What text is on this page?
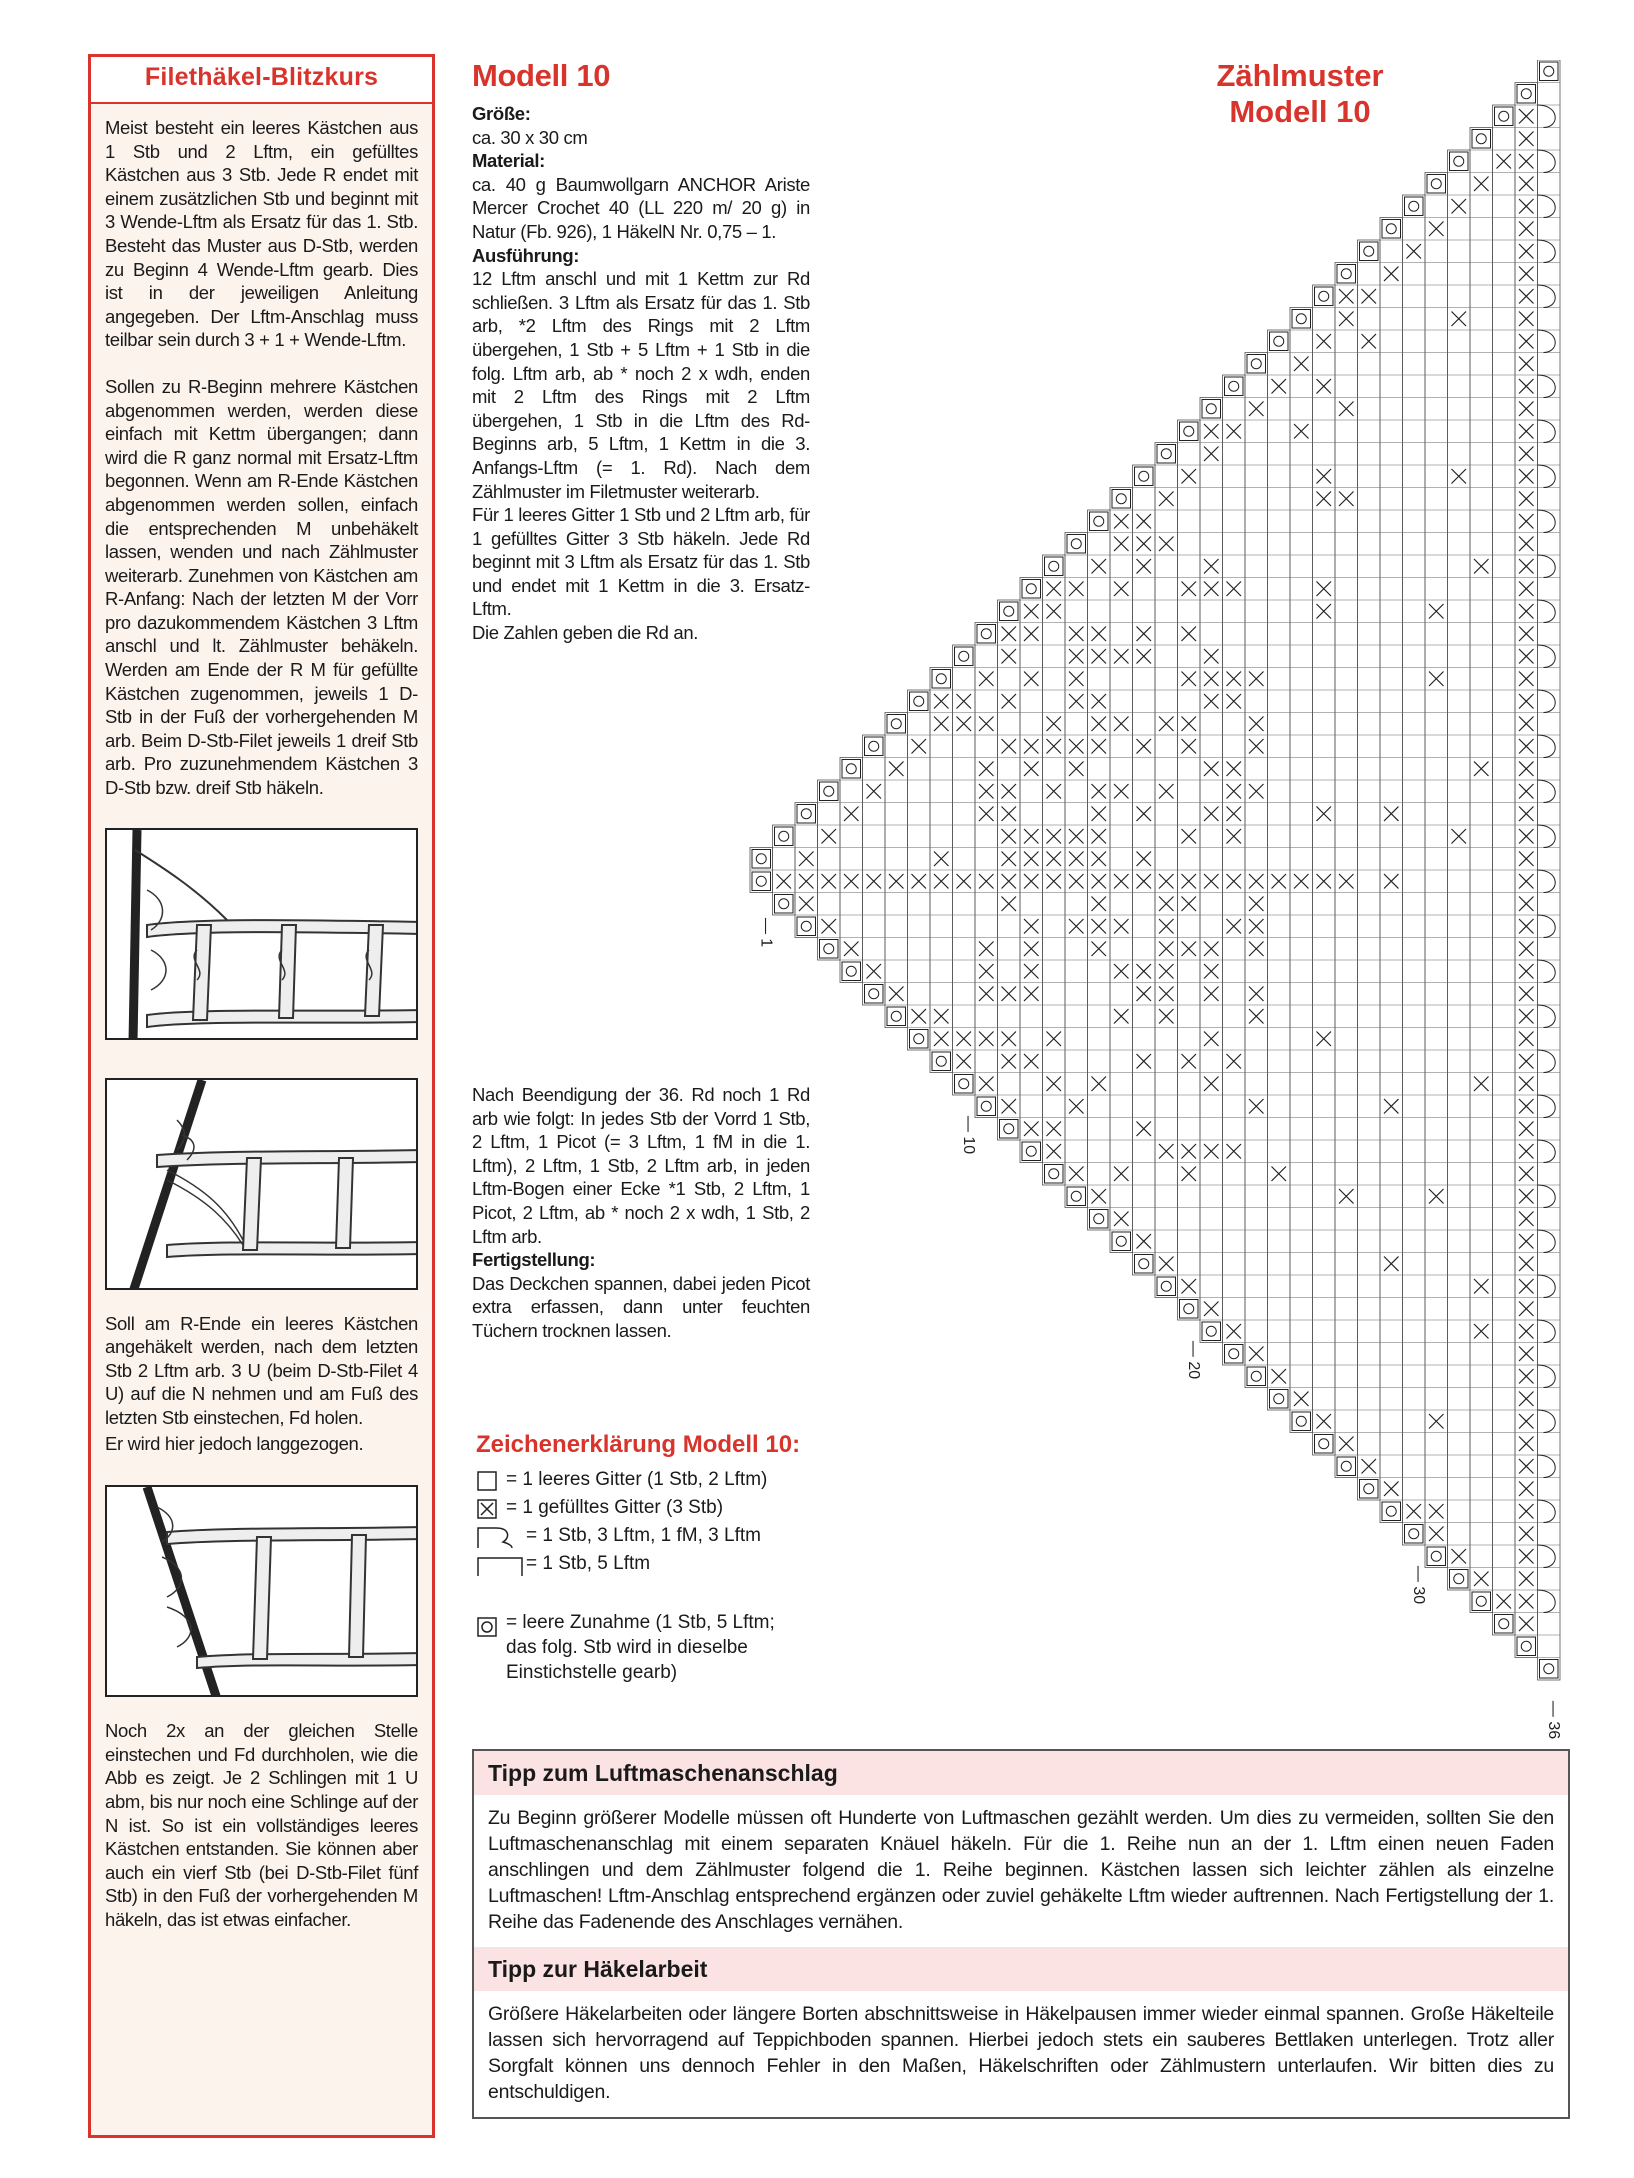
Filethäkel-Blitzkurs
Meist besteht ein leeres Kästchen aus 1 Stb und 2 Lftm, ein gefülltes Kästchen aus 3 Stb. Jede R endet mit einem zusätzlichen Stb und beginnt mit 3 Wende-Lftm als Ersatz für das 1. Stb. Besteht das Muster aus D-Stb, werden zu Beginn 4 Wende-Lftm gearb. Dies ist in der jeweiligen Anleitung angegeben. Der Lftm-Anschlag muss teilbar sein durch 3 + 1 + Wende-Lftm.
Sollen zu R-Beginn mehrere Kästchen abgenommen werden, werden diese einfach mit Kettm übergangen; dann wird die R ganz normal mit Ersatz-Lftm begonnen. Wenn am R-Ende Kästchen abgenommen werden sollen, einfach die entsprechenden M unbehäkelt lassen, wenden und nach Zählmuster weiterarb. Zunehmen von Kästchen am R-Anfang: Nach der letzten M der Vorr pro dazukommendem Kästchen 3 Lftm anschl und lt. Zählmuster behäkeln. Werden am Ende der R M für gefüllte Kästchen zugenommen, jeweils 1 D-Stb in der Fuß der vorhergehenden M arb. Beim D-Stb-Filet jeweils 1 dreif Stb arb. Pro zuzunehmendem Kästchen 3 D-Stb bzw. dreif Stb häkeln.
Soll am R-Ende ein leeres Kästchen angehäkelt werden, nach dem letzten Stb 2 Lftm arb. 3 U (beim D-Stb-Filet 4 U) auf die N nehmen und am Fuß des letzten Stb einstechen, Fd holen.
Er wird hier jedoch langgezogen.
Noch 2x an der gleichen Stelle einstechen und Fd durchholen, wie die Abb es zeigt. Je 2 Schlingen mit 1 U abm, bis nur noch eine Schlinge auf der N ist. So ist ein vollständiges leeres Kästchen entstanden. Sie können aber auch ein vierf Stb (bei D-Stb-Filet fünf Stb) in den Fuß der vorhergehenden M häkeln, das ist etwas einfacher.
Modell 10
Größe:
ca. 30 x 30 cm
Material:
ca. 40 g Baumwollgarn ANCHOR Ariste Mercer Crochet 40 (LL 220 m/ 20 g) in Natur (Fb. 926), 1 HäkelN Nr. 0,75 – 1.
Ausführung:
12 Lftm anschl und mit 1 Kettm zur Rd schließen. 3 Lftm als Ersatz für das 1. Stb arb, *2 Lftm des Rings mit 2 Lftm übergehen, 1 Stb + 5 Lftm + 1 Stb in die folg. Lftm arb, ab * noch 2 x wdh, enden mit 2 Lftm des Rings mit 2 Lftm übergehen, 1 Stb in die Lftm des Rd-Beginns arb, 5 Lftm, 1 Kettm in die 3. Anfangs-Lftm (= 1. Rd). Nach dem Zählmuster im Filetmuster weiterarb.
Für 1 leeres Gitter 1 Stb und 2 Lftm arb, für 1 gefülltes Gitter 3 Stb häkeln. Jede Rd beginnt mit 3 Lftm als Ersatz für das 1. Stb und endet mit 1 Kettm in die 3. Ersatz-Lftm.
Die Zahlen geben die Rd an.
Nach Beendigung der 36. Rd noch 1 Rd arb wie folgt: In jedes Stb der Vorrd 1 Stb, 2 Lftm, 1 Picot (= 3 Lftm, 1 fM in die 1. Lftm), 2 Lftm, 1 Stb, 2 Lftm arb, in jeden Lftm-Bogen einer Ecke *1 Stb, 2 Lftm, 1 Picot, 2 Lftm, ab * noch 2 x wdh, 1 Stb, 2 Lftm arb.
Fertigstellung:
Das Deckchen spannen, dabei jeden Picot extra erfassen, dann unter feuchten Tüchern trocknen lassen.
Zeichenerklärung Modell 10:
= 1 leeres Gitter (1 Stb, 2 Lftm)
= 1 gefülltes Gitter (3 Stb)
= 1 Stb, 3 Lftm, 1 fM, 3 Lftm
= 1 Stb, 5 Lftm
= leere Zunahme (1 Stb, 5 Lftm; das folg. Stb wird in dieselbe Einstichstelle gearb)
Zählmuster
Modell 10
— 1
— 10
— 20
— 30
— 36
Tipp zum Luftmaschenanschlag
Zu Beginn größerer Modelle müssen oft Hunderte von Luftmaschen gezählt werden. Um dies zu vermeiden, sollten Sie den Luftmaschenanschlag mit einem separaten Knäuel häkeln. Für die 1. Reihe nun an der 1. Lftm einen neuen Faden anschlingen und dem Zählmuster folgend die 1. Reihe beginnen. Kästchen lassen sich leichter zählen als einzelne Luftmaschen! Lftm-Anschlag entsprechend ergänzen oder zuviel gehäkelte Lftm wieder auftrennen. Nach Fertigstellung der 1. Reihe das Fadenende des Anschlages vernähen.
Tipp zur Häkelarbeit
Größere Häkelarbeiten oder längere Borten abschnittsweise in Häkelpausen immer wieder einmal spannen. Große Häkelteile lassen sich hervorragend auf Teppichboden spannen. Hierbei jedoch stets ein sauberes Bettlaken unterlegen. Trotz aller Sorgfalt können uns dennoch Fehler in den Maßen, Häkelschriften oder Zählmustern unterlaufen. Wir bitten dies zu entschuldigen.
